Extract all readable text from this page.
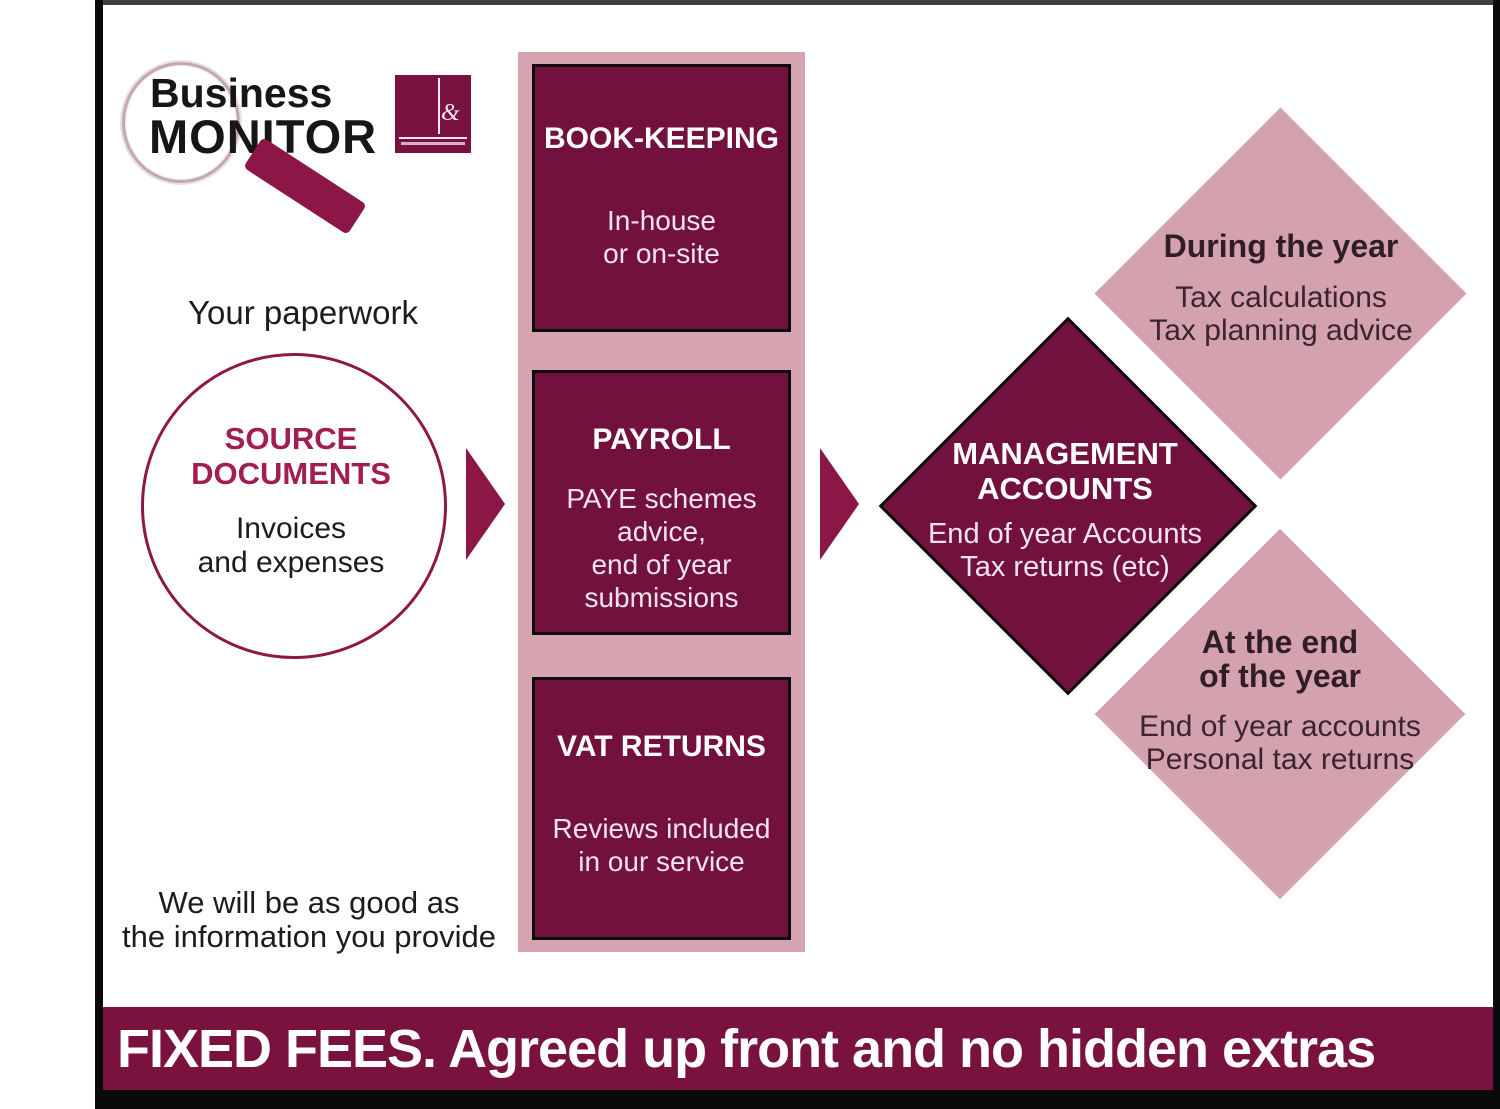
Business
MONITOR	&
Your paperwork
SOURCE
DOCUMENTS
Invoices
and expenses
BOOK-KEEPING
In-house
or on-site
PAYROLL
PAYE schemes
advice,
end of year
submissions
VAT RETURNS
Reviews included
in our service
MANAGEMENT
ACCOUNTS
End of year Accounts
Tax returns (etc)
During the year
Tax calculations
Tax planning advice
At the end
of the year
End of year accounts
Personal tax returns
We will be as good as
the information you provide
FIXED FEES. Agreed up front and no hidden extras
